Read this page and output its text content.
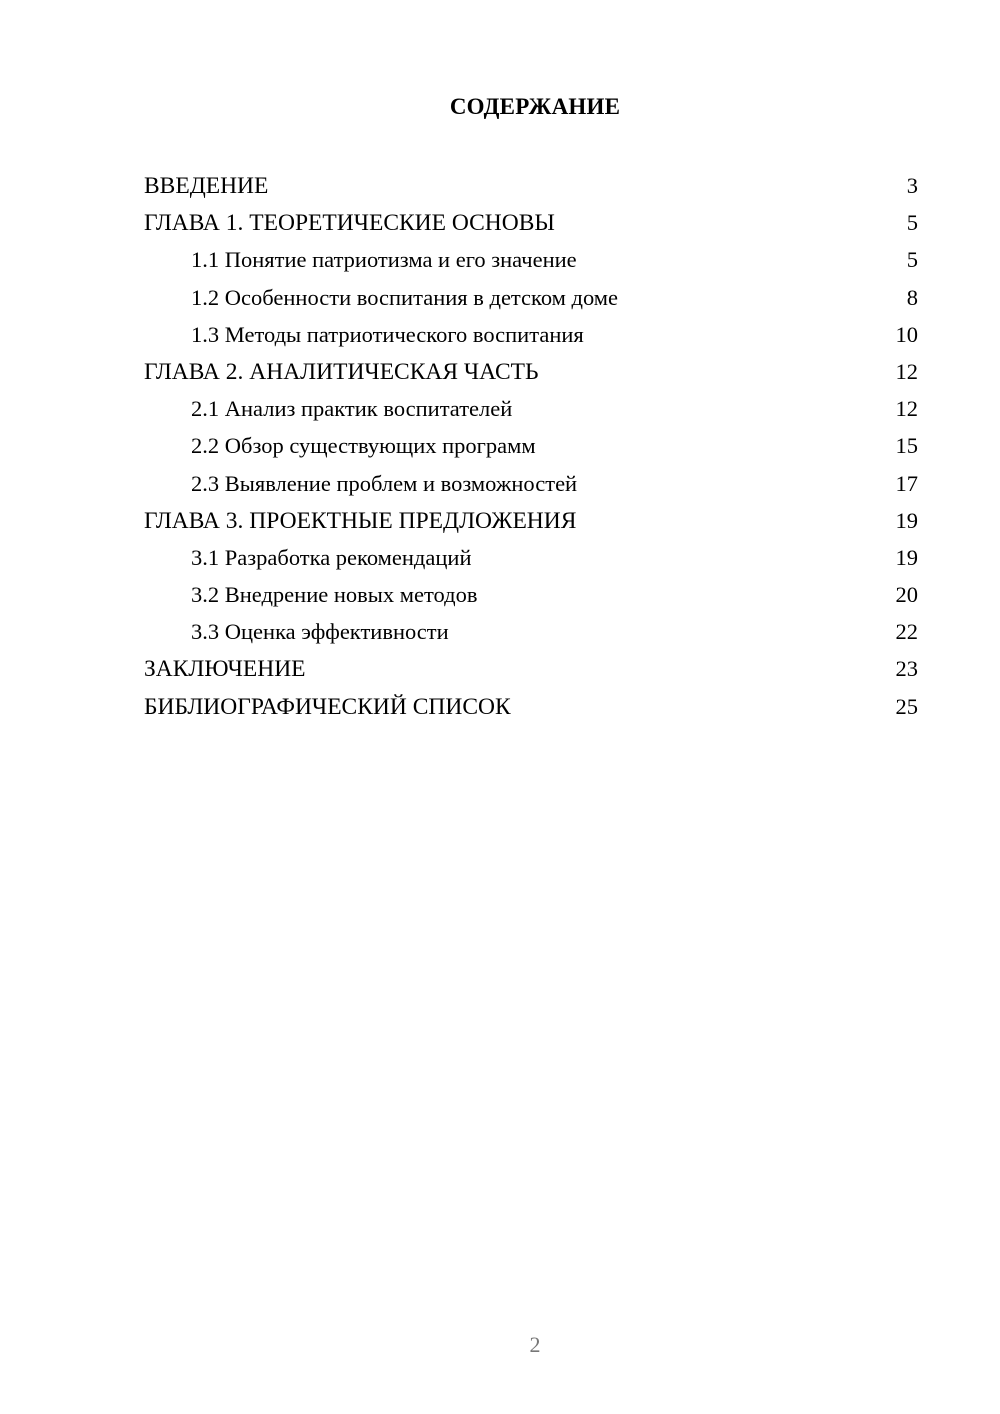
СОДЕРЖАНИЕ
ВВЕДЕНИЕ	3
ГЛАВА 1. ТЕОРЕТИЧЕСКИЕ ОСНОВЫ	5
1.1 Понятие патриотизма и его значение	5
1.2 Особенности воспитания в детском доме	8
1.3 Методы патриотического воспитания	10
ГЛАВА 2. АНАЛИТИЧЕСКАЯ ЧАСТЬ	12
2.1 Анализ практик воспитателей	12
2.2 Обзор существующих программ	15
2.3 Выявление проблем и возможностей	17
ГЛАВА 3. ПРОЕКТНЫЕ ПРЕДЛОЖЕНИЯ	19
3.1 Разработка рекомендаций	19
3.2 Внедрение новых методов	20
3.3 Оценка эффективности	22
ЗАКЛЮЧЕНИЕ	23
БИБЛИОГРАФИЧЕСКИЙ СПИСОК	25
2
